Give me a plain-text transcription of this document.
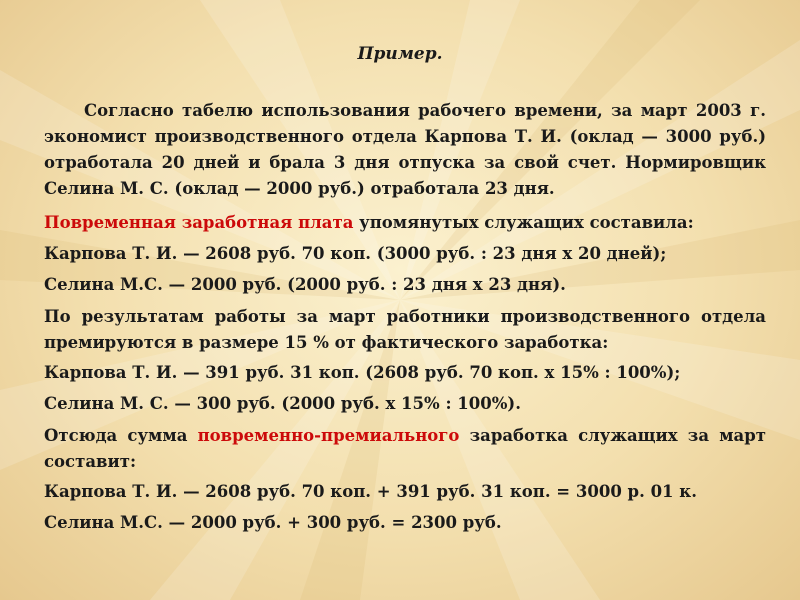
Пример.
Согласно табелю использования рабочего времени, за март 2003 г. экономист производственного отдела Карпова Т. И. (оклад — 3000 руб.) отработала 20 дней и брала 3 дня отпуска за свой счет. Нормировщик Селина М. С. (оклад — 2000 руб.) отработала 23 дня.
Повременная заработная плата упомянутых служащих составила:
Карпова Т. И. — 2608 руб. 70 коп. (3000 руб. : 23 дня х 20 дней);
Селина М.С. — 2000 руб. (2000 руб. : 23 дня х 23 дня).
По результатам работы за март работники производственного отдела премируются в размере 15 % от фактического заработка:
Карпова Т. И. — 391 руб. 31 коп. (2608 руб. 70 коп. х 15% : 100%);
Селина М. С. — 300 руб. (2000 руб. х 15% : 100%).
Отсюда сумма повременно-премиального заработка служащих за март составит:
Карпова Т. И. — 2608 руб. 70 коп. + 391 руб. 31 коп. = 3000 р. 01 к.
Селина М.С. — 2000 руб. + 300 руб. = 2300 руб.
